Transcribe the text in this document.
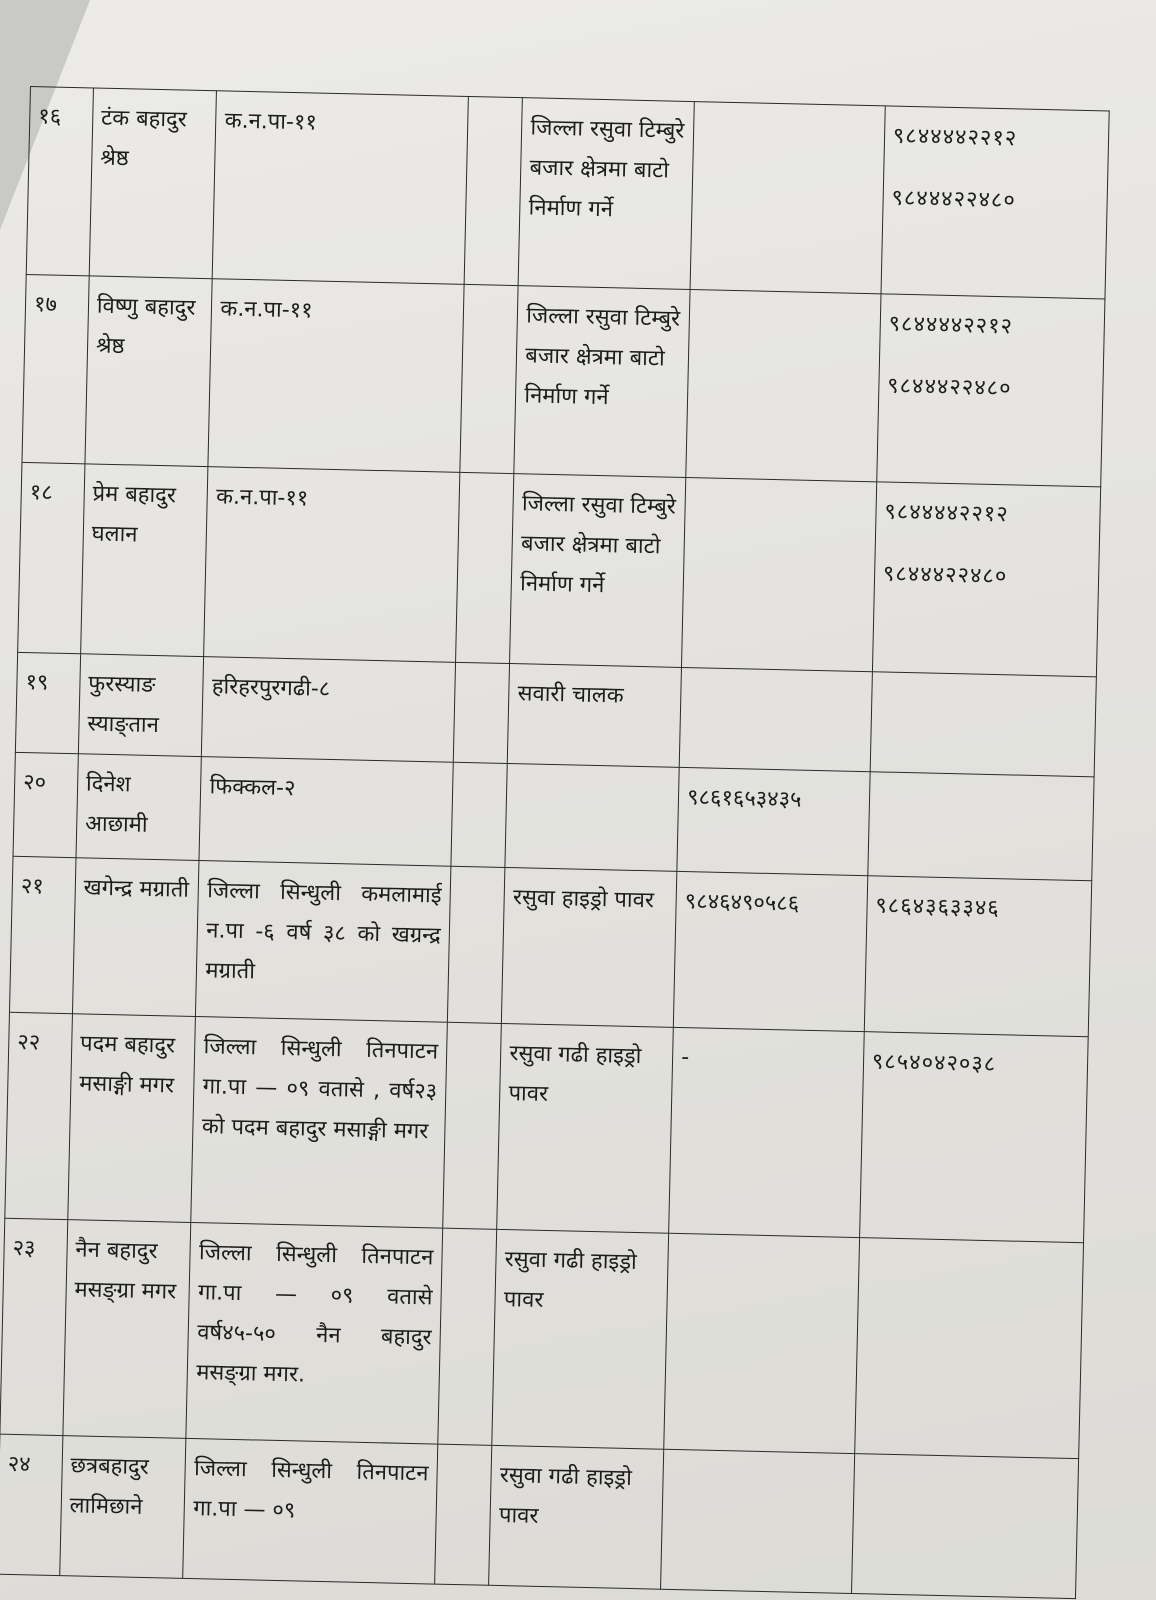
१६	टंक बहादुर श्रेष्ठ	क.न.पा-११		जिल्ला रसुवा टिम्बुरे बजार क्षेत्रमा बाटो निर्माण गर्ने		९८४४४४२२१२
९८४४४२२४८०

१७	विष्णु बहादुर श्रेष्ठ	क.न.पा-११		जिल्ला रसुवा टिम्बुरे बजार क्षेत्रमा बाटो निर्माण गर्ने		९८४४४४२२१२
९८४४४२२४८०

१८	प्रेम बहादुर घलान	क.न.पा-११		जिल्ला रसुवा टिम्बुरे बजार क्षेत्रमा बाटो निर्माण गर्ने		९८४४४४२२१२
९८४४४२२४८०

१९	फुरस्याङ स्याङ्तान	हरिहरपुरगढी-८		सवारी चालक		
२०	दिनेश आछामी	फिक्कल-२			९८६१६५३४३५	
२१	खगेन्द्र मग्राती	जिल्ला सिन्धुली कमलामाई न.पा -६ वर्ष ३८ को खग्रन्द्र मग्राती		रसुवा हाइड्रो पावर	९८४६४९०५८६	९८६४३६३३४६

२२	पदम बहादुर मसाङ्गी मगर	जिल्ला सिन्धुली तिनपाटन गा.पा — ०९ वतासे , वर्ष२३ को पदम बहादुर मसाङ्गी मगर		रसुवा गढी हाइड्रो पावर	-	९८५४०४२०३८

२३	नैन बहादुर मसङ्ग्रा मगर	जिल्ला सिन्धुली तिनपाटन गा.पा — ०९ वतासे वर्ष४५-५० नैन बहादुर मसङ्ग्रा मगर.		रसुवा गढी हाइड्रो पावर		
२४	छत्रबहादुर लामिछाने	जिल्ला सिन्धुली तिनपाटन गा.पा — ०९		रसुवा गढी हाइड्रो पावर		
